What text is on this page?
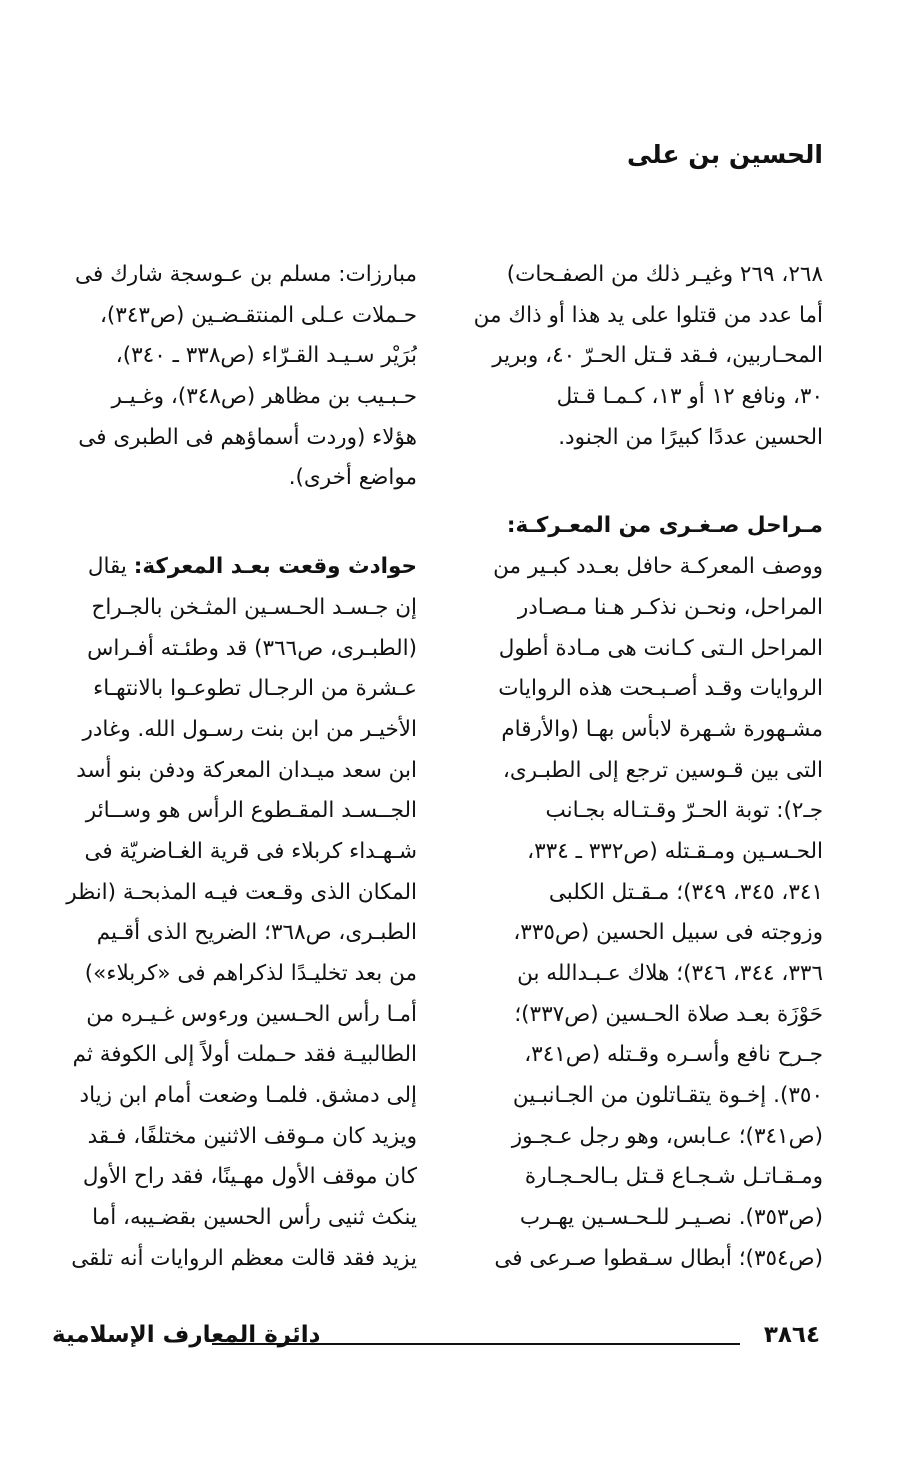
الحسين بن على
٢٦٨، ٢٦٩ وغيـر ذلك من الصفـحات)
أما عدد من قتلوا على يد هذا أو ذاك من
المحـاربين، فـقد قـتل الحـرّ ٤٠، وبرير
٣٠، ونافع ١٢ أو ١٣، كـمـا قـتل
الحسين عددًا كبيرًا من الجنود.
مـراحل صـغـرى من المعـركـة:
ووصف المعركـة حافل بعـدد كبـير من
المراحل، ونحـن نذكـر هـنا مـصـادر
المراحل الـتى كـانت هى مـادة أطول
الروايات وقـد أصـبـحت هذه الروايات
مشـهورة شـهرة لابأس بهـا (والأرقام
التى بين قـوسين ترجع إلى الطبـرى،
جـ٢): توبة الحـرّ وقـتـاله بجـانب
الحـسـين ومـقـتله (ص٣٣٢ ـ ٣٣٤،
٣٤١، ٣٤٥، ٣٤٩)؛ مـقـتل الكلبى
وزوجته فى سبيل الحسين (ص٣٣٥،
٣٣٦، ٣٤٤، ٣٤٦)؛ هلاك عـبـدالله بن
حَوْزَة بعـد صلاة الحـسين (ص٣٣٧)؛
جـرح نافع وأسـره وقـتله (ص٣٤١،
٣٥٠). إخـوة يتقـاتلون من الجـانبـين
(ص٣٤١)؛ عـابس، وهو رجل عـجـوز
ومـقـاتـل شـجـاع قـتل بـالحـجـارة
(ص٣٥٣). نصـيـر للـحـسـين يهـرب
(ص٣٥٤)؛ أبطال سـقطوا صـرعى فى
مبارزات: مسلم بن عـوسجة شارك فى
حـملات عـلى المنتقـضـين (ص٣٤٣)،
بُرَيْر سـيـد القـرّاء (ص٣٣٨ ـ ٣٤٠)،
حـبـيب بن مظاهر (ص٣٤٨)، وغـيـر
هؤلاء (وردت أسماؤهم فى الطبرى فى
مواضع أخرى).
حوادث وقعت بعـد المعركة: يقال
إن جـسـد الحـسـين المثـخن بالجـراح
(الطبـرى، ص٣٦٦) قد وطئـته أفـراس
عـشرة من الرجـال تطوعـوا بالانتهـاء
الأخيـر من ابن بنت رسـول الله. وغادر
ابن سعد ميـدان المعركة ودفن بنو أسد
الجــسـد المقـطوع الرأس هو وســائر
شـهـداء كربلاء فى قرية الغـاضريّة فى
المكان الذى وقـعت فيـه المذبحـة (انظر
الطبـرى، ص٣٦٨؛ الضريح الذى أقـيم
من بعد تخليـدًا لذكراهم فى «كربلاء»)
أمـا رأس الحـسين ورءوس غـيـره من
الطالبيـة فقد حـملت أولاً إلى الكوفة ثم
إلى دمشق. فلمـا وضعت أمام ابن زياد
ويزيد كان مـوقف الاثنين مختلفًا، فـقد
كان موقف الأول مهـينًا، فقد راح الأول
ينكث ثنيى رأس الحسين بقضـيبه، أما
يزيد فقد قالت معظم الروايات أنه تلقى
٣٨٦٤
دائرة المعارف الإسلامية
